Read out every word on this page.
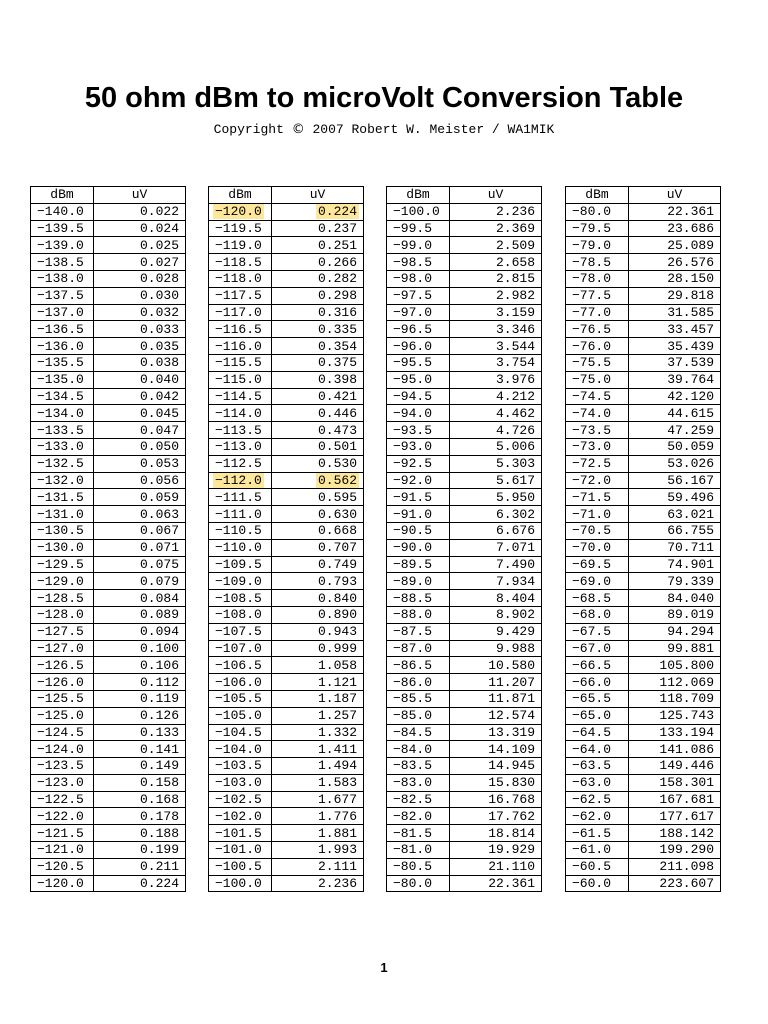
50 ohm dBm to microVolt Conversion Table
Copyright © 2007 Robert W. Meister / WA1MIK
dBm	uV
−140.0	0.022
−139.5	0.024
−139.0	0.025
−138.5	0.027
−138.0	0.028
−137.5	0.030
−137.0	0.032
−136.5	0.033
−136.0	0.035
−135.5	0.038
−135.0	0.040
−134.5	0.042
−134.0	0.045
−133.5	0.047
−133.0	0.050
−132.5	0.053
−132.0	0.056
−131.5	0.059
−131.0	0.063
−130.5	0.067
−130.0	0.071
−129.5	0.075
−129.0	0.079
−128.5	0.084
−128.0	0.089
−127.5	0.094
−127.0	0.100
−126.5	0.106
−126.0	0.112
−125.5	0.119
−125.0	0.126
−124.5	0.133
−124.0	0.141
−123.5	0.149
−123.0	0.158
−122.5	0.168
−122.0	0.178
−121.5	0.188
−121.0	0.199
−120.5	0.211
−120.0	0.224
dBm	uV
−120.0	0.224
−119.5	0.237
−119.0	0.251
−118.5	0.266
−118.0	0.282
−117.5	0.298
−117.0	0.316
−116.5	0.335
−116.0	0.354
−115.5	0.375
−115.0	0.398
−114.5	0.421
−114.0	0.446
−113.5	0.473
−113.0	0.501
−112.5	0.530
−112.0	0.562
−111.5	0.595
−111.0	0.630
−110.5	0.668
−110.0	0.707
−109.5	0.749
−109.0	0.793
−108.5	0.840
−108.0	0.890
−107.5	0.943
−107.0	0.999
−106.5	1.058
−106.0	1.121
−105.5	1.187
−105.0	1.257
−104.5	1.332
−104.0	1.411
−103.5	1.494
−103.0	1.583
−102.5	1.677
−102.0	1.776
−101.5	1.881
−101.0	1.993
−100.5	2.111
−100.0	2.236
dBm	uV
−100.0	2.236
−99.5	2.369
−99.0	2.509
−98.5	2.658
−98.0	2.815
−97.5	2.982
−97.0	3.159
−96.5	3.346
−96.0	3.544
−95.5	3.754
−95.0	3.976
−94.5	4.212
−94.0	4.462
−93.5	4.726
−93.0	5.006
−92.5	5.303
−92.0	5.617
−91.5	5.950
−91.0	6.302
−90.5	6.676
−90.0	7.071
−89.5	7.490
−89.0	7.934
−88.5	8.404
−88.0	8.902
−87.5	9.429
−87.0	9.988
−86.5	10.580
−86.0	11.207
−85.5	11.871
−85.0	12.574
−84.5	13.319
−84.0	14.109
−83.5	14.945
−83.0	15.830
−82.5	16.768
−82.0	17.762
−81.5	18.814
−81.0	19.929
−80.5	21.110
−80.0	22.361
dBm	uV
−80.0	22.361
−79.5	23.686
−79.0	25.089
−78.5	26.576
−78.0	28.150
−77.5	29.818
−77.0	31.585
−76.5	33.457
−76.0	35.439
−75.5	37.539
−75.0	39.764
−74.5	42.120
−74.0	44.615
−73.5	47.259
−73.0	50.059
−72.5	53.026
−72.0	56.167
−71.5	59.496
−71.0	63.021
−70.5	66.755
−70.0	70.711
−69.5	74.901
−69.0	79.339
−68.5	84.040
−68.0	89.019
−67.5	94.294
−67.0	99.881
−66.5	105.800
−66.0	112.069
−65.5	118.709
−65.0	125.743
−64.5	133.194
−64.0	141.086
−63.5	149.446
−63.0	158.301
−62.5	167.681
−62.0	177.617
−61.5	188.142
−61.0	199.290
−60.5	211.098
−60.0	223.607
1
